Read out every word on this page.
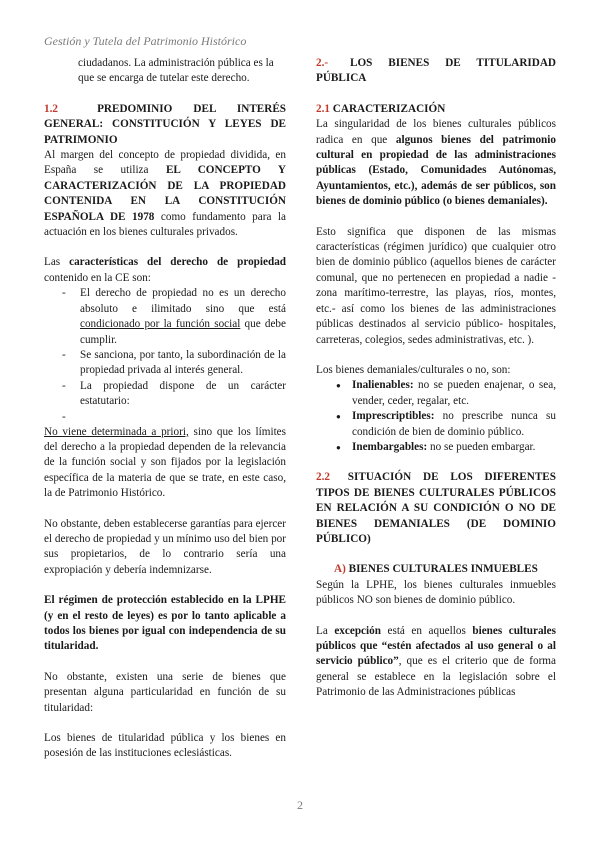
Gestión y Tutela del Patrimonio Histórico

ciudadanos. La administración pública es la que se encarga de tutelar este derecho.

1.2	PREDOMINIO DEL INTERÉS GENERAL: CONSTITUCIÓN Y LEYES DE PATRIMONIO

Al margen del concepto de propiedad dividida, en España se utiliza EL CONCEPTO Y CARACTERIZACIÓN DE LA PROPIEDAD CONTENIDA EN LA CONSTITUCIÓN ESPAÑOLA DE 1978 como fundamento para la actuación en los bienes culturales privados.

Las características del derecho de propiedad contenido en la CE son:

- El derecho de propiedad no es un derecho absoluto e ilimitado sino que está condicionado por la función social que debe cumplir.
- Se sanciona, por tanto, la subordinación de la propiedad privada al interés general.
- La propiedad dispone de un carácter estatutario:
-

No viene determinada a priori, sino que los límites del derecho a la propiedad dependen de la relevancia de la función social y son fijados por la legislación específica de la materia de que se trate, en este caso, la de Patrimonio Histórico.

No obstante, deben establecerse garantías para ejercer el derecho de propiedad y un mínimo uso del bien por sus propietarios, de lo contrario sería una expropiación y debería indemnizarse.

El régimen de protección establecido en la LPHE (y en el resto de leyes) es por lo tanto aplicable a todos los bienes por igual con independencia de su titularidad.

No obstante, existen una serie de bienes que presentan alguna particularidad en función de su titularidad:

Los bienes de titularidad pública y los bienes en posesión de las instituciones eclesiásticas.

2.- LOS BIENES DE TITULARIDAD PÚBLICA

2.1 CARACTERIZACIÓN

La singularidad de los bienes culturales públicos radica en que algunos bienes del patrimonio cultural en propiedad de las administraciones públicas (Estado, Comunidades Autónomas, Ayuntamientos, etc.), además de ser públicos, son bienes de dominio público (o bienes demaniales).

Esto significa que disponen de las mismas características (régimen jurídico) que cualquier otro bien de dominio público (aquellos bienes de carácter comunal, que no pertenecen en propiedad a nadie - zona marítimo-terrestre, las playas, ríos, montes, etc.- así como los bienes de las administraciones públicas destinados al servicio público- hospitales, carreteras, colegios, sedes administrativas, etc. ).

Los bienes demaniales/culturales o no, son:

● Inalienables: no se pueden enajenar, o sea, vender, ceder, regalar, etc.
● Imprescriptibles: no prescribe nunca su condición de bien de dominio público.
● Inembargables: no se pueden embargar.

2.2 SITUACIÓN DE LOS DIFERENTES TIPOS DE BIENES CULTURALES PÚBLICOS EN RELACIÓN A SU CONDICIÓN O NO DE BIENES DEMANIALES (DE DOMINIO PÚBLICO)

A) BIENES CULTURALES INMUEBLES

Según la LPHE, los bienes culturales inmuebles públicos NO son bienes de dominio público.

La excepción está en aquellos bienes culturales públicos que “estén afectados al uso general o al servicio público”, que es el criterio que de forma general se establece en la legislación sobre el Patrimonio de las Administraciones públicas

2
